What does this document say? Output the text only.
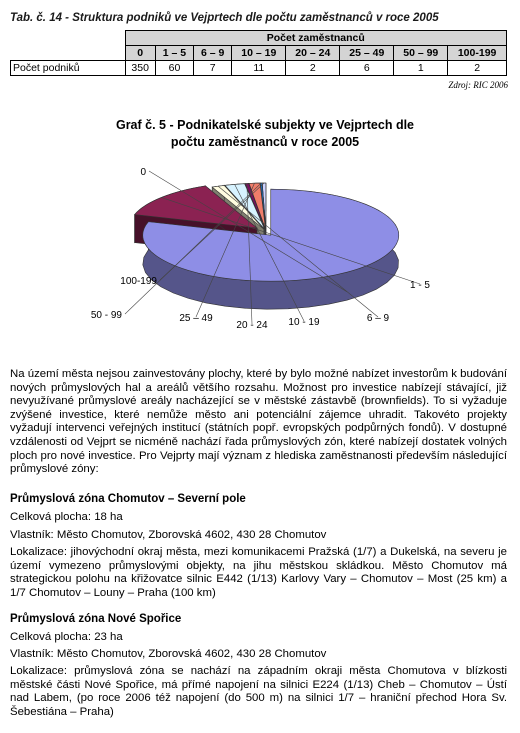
Tab. č. 14 - Struktura podniků ve Vejprtech dle počtu zaměstnanců v roce 2005
	Počet zaměstnanců							
	0	1 – 5	6 – 9	10 – 19	20 – 24	25 – 49	50 – 99	100-199
Počet podniků	350	60	7	11	2	6	1	2
Zdroj: RIC 2006
Graf č. 5 - Podnikatelské subjekty ve Vejprtech dle počtu zaměstnanců v roce 2005
0
1 - 5
6 – 9
10 - 19
20 - 24
25 – 49
50 - 99
100-199
Na území města nejsou zainvestovány plochy, které by bylo možné nabízet investorům k budování nových průmyslových hal a areálů většího rozsahu. Možnost pro investice nabízejí stávající, již nevyužívané průmyslové areály nacházející se v městské zástavbě (brownfields). To si vyžaduje zvýšené investice, které nemůže město ani potenciální zájemce uhradit. Takovéto projekty vyžadují intervenci veřejných institucí (státních popř. evropských podpůrných fondů). V dostupné vzdálenosti od Vejprt se nicméně nachází řada průmyslových zón, které nabízejí dostatek volných ploch pro nové investice. Pro Vejprty mají význam z hlediska zaměstnanosti především následující průmyslové zóny:
Průmyslová zóna Chomutov – Severní pole
Celková plocha: 18 ha
Vlastník: Město Chomutov, Zborovská 4602, 430 28 Chomutov
Lokalizace: jihovýchodní okraj města, mezi komunikacemi Pražská (1/7) a Dukelská, na severu je území vymezeno průmyslovými objekty, na jihu městskou skládkou. Město Chomutov má strategickou polohu na křižovatce silnic E442 (1/13) Karlovy Vary – Chomutov – Most (25 km) a 1/7 Chomutov – Louny – Praha (100 km)
Průmyslová zóna Nové Spořice
Celková plocha: 23 ha
Vlastník: Město Chomutov, Zborovská 4602, 430 28 Chomutov
Lokalizace: průmyslová zóna se nachází na západním okraji města Chomutova v blízkosti městské části Nové Spořice, má přímé napojení na silnici E224 (1/13) Cheb – Chomutov – Ústí nad Labem, (po roce 2006 též napojení (do 500 m) na silnici 1/7 – hraniční přechod Hora Sv. Šebestiána – Praha)
